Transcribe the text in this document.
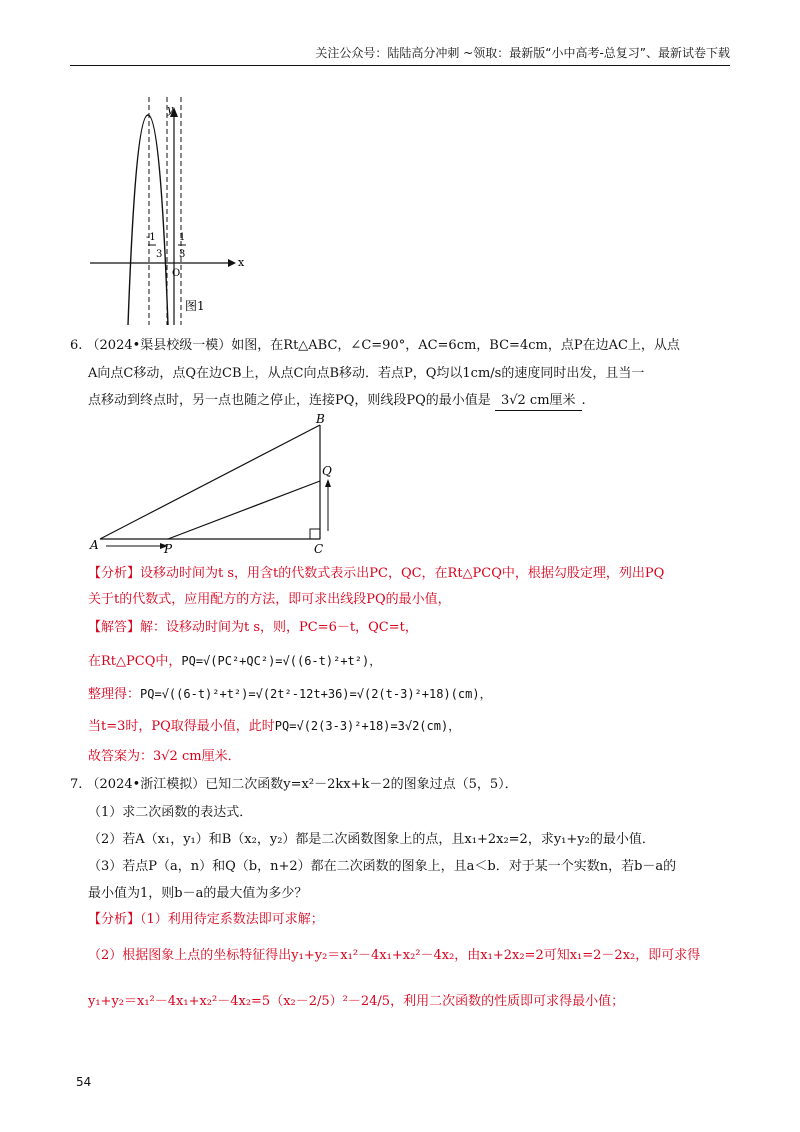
关注公众号：陆陆高分冲刺 ~领取：最新版“小中高考-总复习”、最新试卷下载
y
x
-1
3
1
3
O
图1
6. （2024•渠县校级一模）如图，在Rt△ABC，∠C=90°，AC=6cm，BC=4cm，点P在边AC上，从点
A向点C移动，点Q在边CB上，从点C向点B移动．若点P，Q均以1cm/s的速度同时出发，且当一
点移动到终点时，另一点也随之停止，连接PQ，则线段PQ的最小值是 3√2 cm厘米 .
A
B
C
P
Q
【分析】设移动时间为t s，用含t的代数式表示出PC，QC，在Rt△PCQ中，根据勾股定理，列出PQ
关于t的代数式，应用配方的方法，即可求出线段PQ的最小值，
【解答】解：设移动时间为t s，则，PC=6－t，QC=t，
在Rt△PCQ中，PQ=√(PC²+QC²)=√((6-t)²+t²)，
整理得：PQ=√((6-t)²+t²)=√(2t²-12t+36)=√(2(t-3)²+18)(cm)，
当t=3时，PQ取得最小值，此时PQ=√(2(3-3)²+18)=3√2(cm)，
故答案为：3√2 cm厘米．
7. （2024•浙江模拟）已知二次函数y=x²－2kx+k－2的图象过点（5，5）．
（1）求二次函数的表达式．
（2）若A（x₁，y₁）和B（x₂，y₂）都是二次函数图象上的点，且x₁+2x₂=2，求y₁+y₂的最小值．
（3）若点P（a，n）和Q（b，n+2）都在二次函数的图象上，且a＜b．对于某一个实数n，若b－a的
最小值为1，则b－a的最大值为多少？
【分析】（1）利用待定系数法即可求解；
（2）根据图象上点的坐标特征得出y₁+y₂＝x₁²－4x₁+x₂²－4x₂，由x₁+2x₂=2可知x₁=2－2x₂，即可求得
y₁+y₂＝x₁²－4x₁+x₂²－4x₂=5（x₂－2/5）²－24/5，利用二次函数的性质即可求得最小值；
54
